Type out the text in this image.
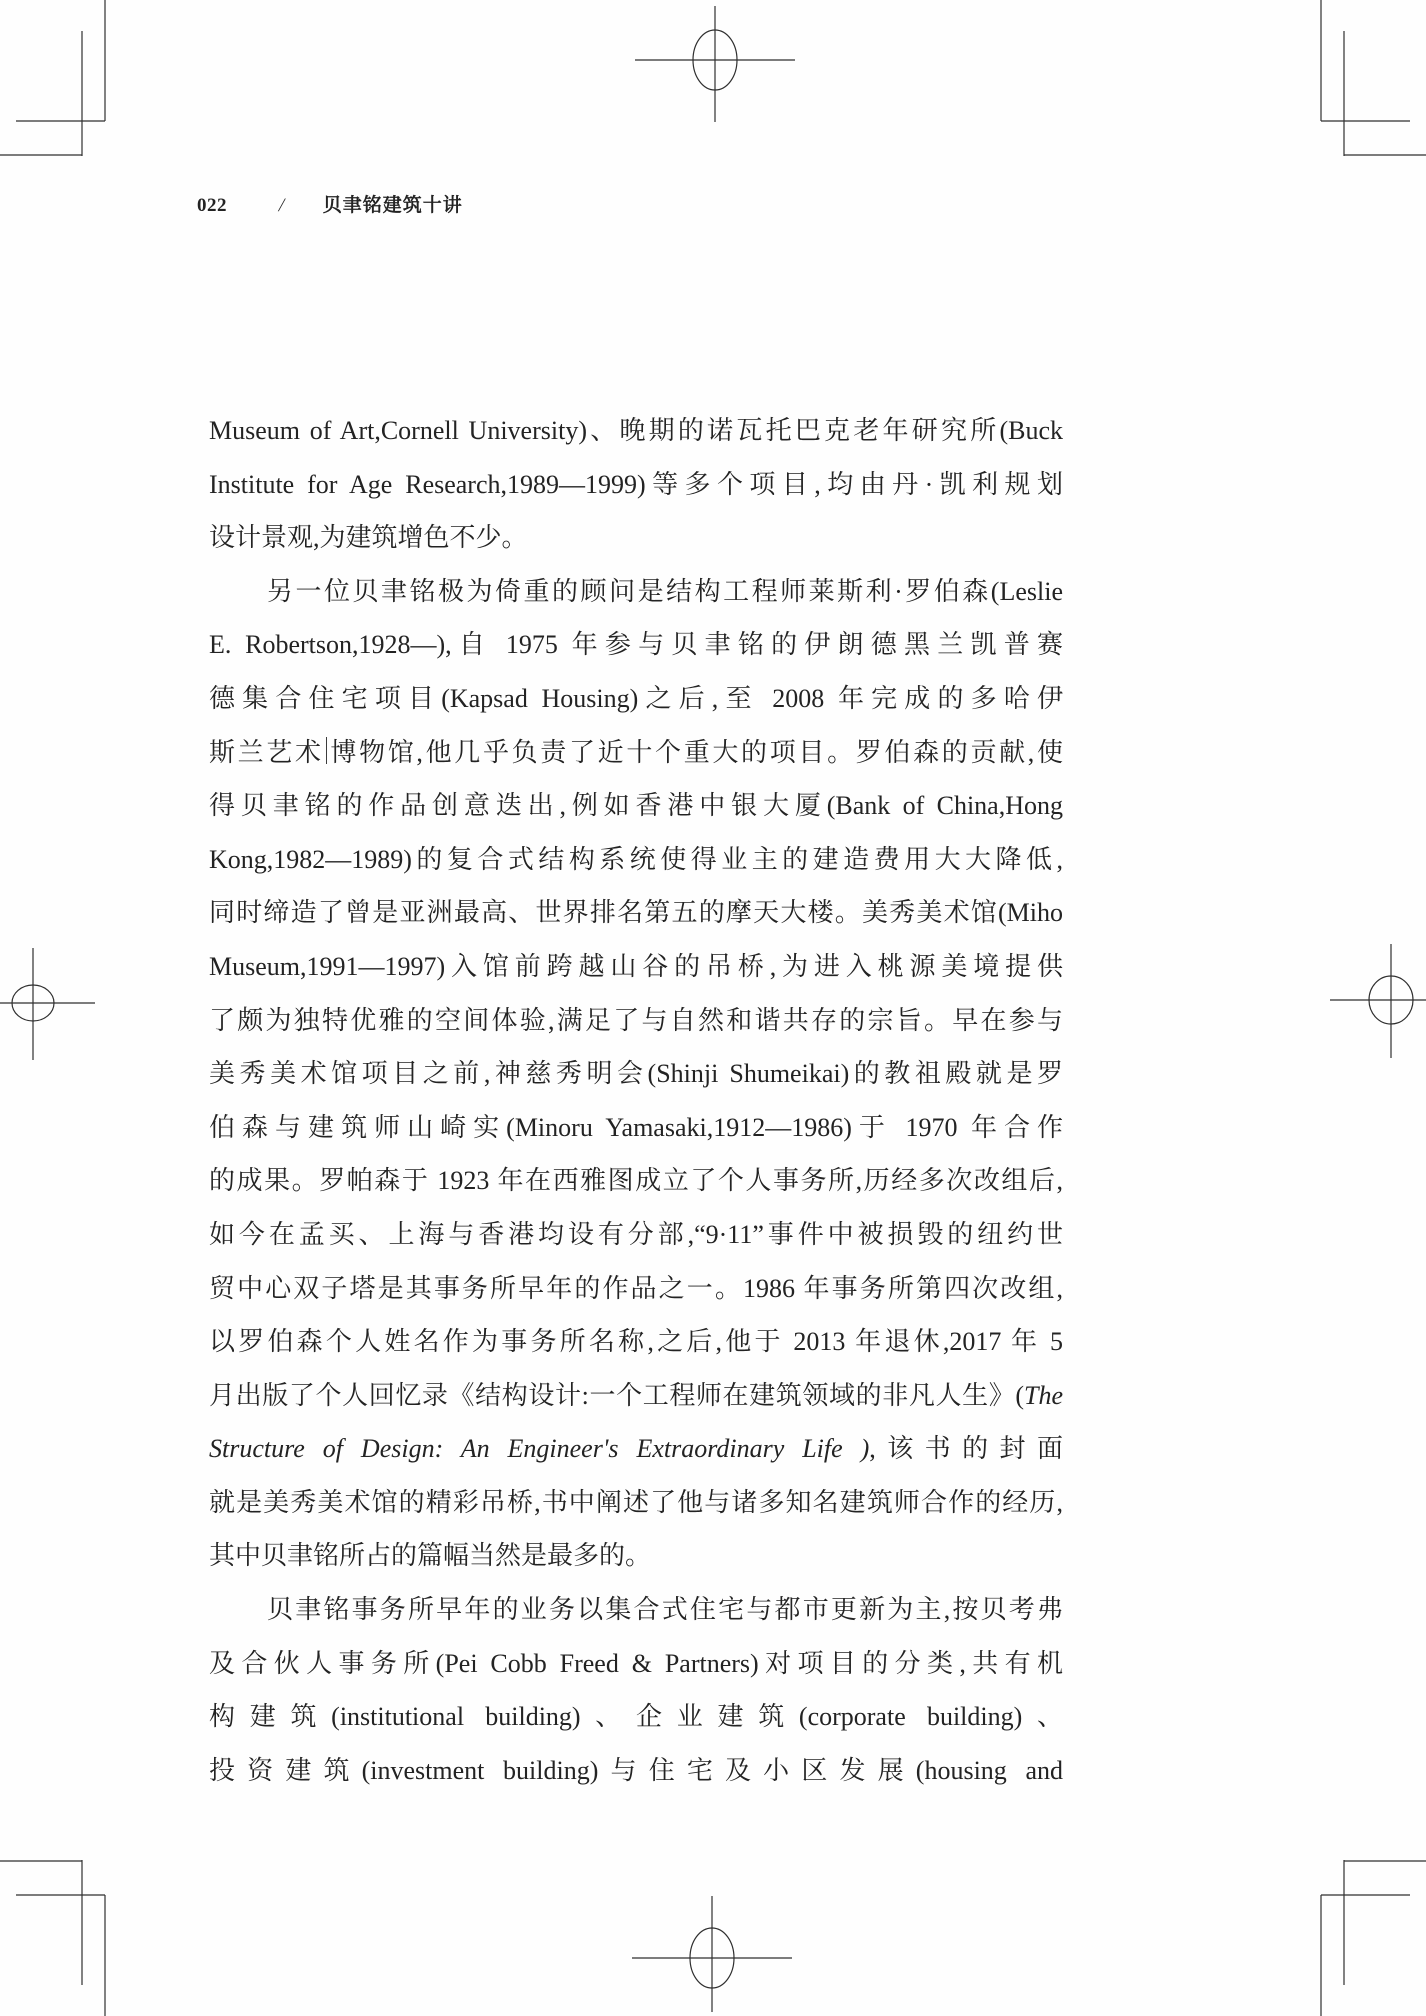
022	/ 贝聿铭建筑十讲
Museum of Art,Cornell University)、晚期的诺瓦托巴克老年研究所(Buck
Institute for Age Research,1989—1999)等多个项目,均由丹·凯利规划
设计景观,为建筑增色不少。
另一位贝聿铭极为倚重的顾问是结构工程师莱斯利·罗伯森(Leslie
E. Robertson,1928—),自 1975 年参与贝聿铭的伊朗德黑兰凯普赛
德集合住宅项目(Kapsad Housing)之后,至 2008 年完成的多哈伊
斯兰艺术 博物馆,他几乎负责了近十个重大的项目。罗伯森的贡献,使
得贝聿铭的作品创意迭出,例如香港中银大厦(Bank of China,Hong
Kong,1982—1989)的复合式结构系统使得业主的建造费用大大降低,
同时缔造了曾是亚洲最高、世界排名第五的摩天大楼。美秀美术馆(Miho
Museum,1991—1997)入馆前跨越山谷的吊桥,为进入桃源美境提供
了颇为独特优雅的空间体验,满足了与自然和谐共存的宗旨。早在参与
美秀美术馆项目之前,神慈秀明会(Shinji Shumeikai)的教祖殿就是罗
伯森与建筑师山崎实(Minoru Yamasaki,1912—1986)于 1970 年合作
的成果。罗帕森于 1923 年在西雅图成立了个人事务所,历经多次改组后,
如今在孟买、上海与香港均设有分部,“9·11”事件中被损毁的纽约世
贸中心双子塔是其事务所早年的作品之一。1986 年事务所第四次改组,
以罗伯森个人姓名作为事务所名称,之后,他于 2013 年退休,2017 年 5
月出版了个人回忆录《结构设计:一个工程师在建筑领域的非凡人生》(The
Structure of Design: An Engineer's Extraordinary Life ),该书的封面
就是美秀美术馆的精彩吊桥,书中阐述了他与诸多知名建筑师合作的经历,
其中贝聿铭所占的篇幅当然是最多的。
贝聿铭事务所早年的业务以集合式住宅与都市更新为主,按贝考弗
及合伙人事务所(Pei Cobb Freed & Partners)对项目的分类,共有机
构建筑(institutional building)、企业建筑(corporate building)、
投资建筑(investment building)与住宅及小区发展(housing and
